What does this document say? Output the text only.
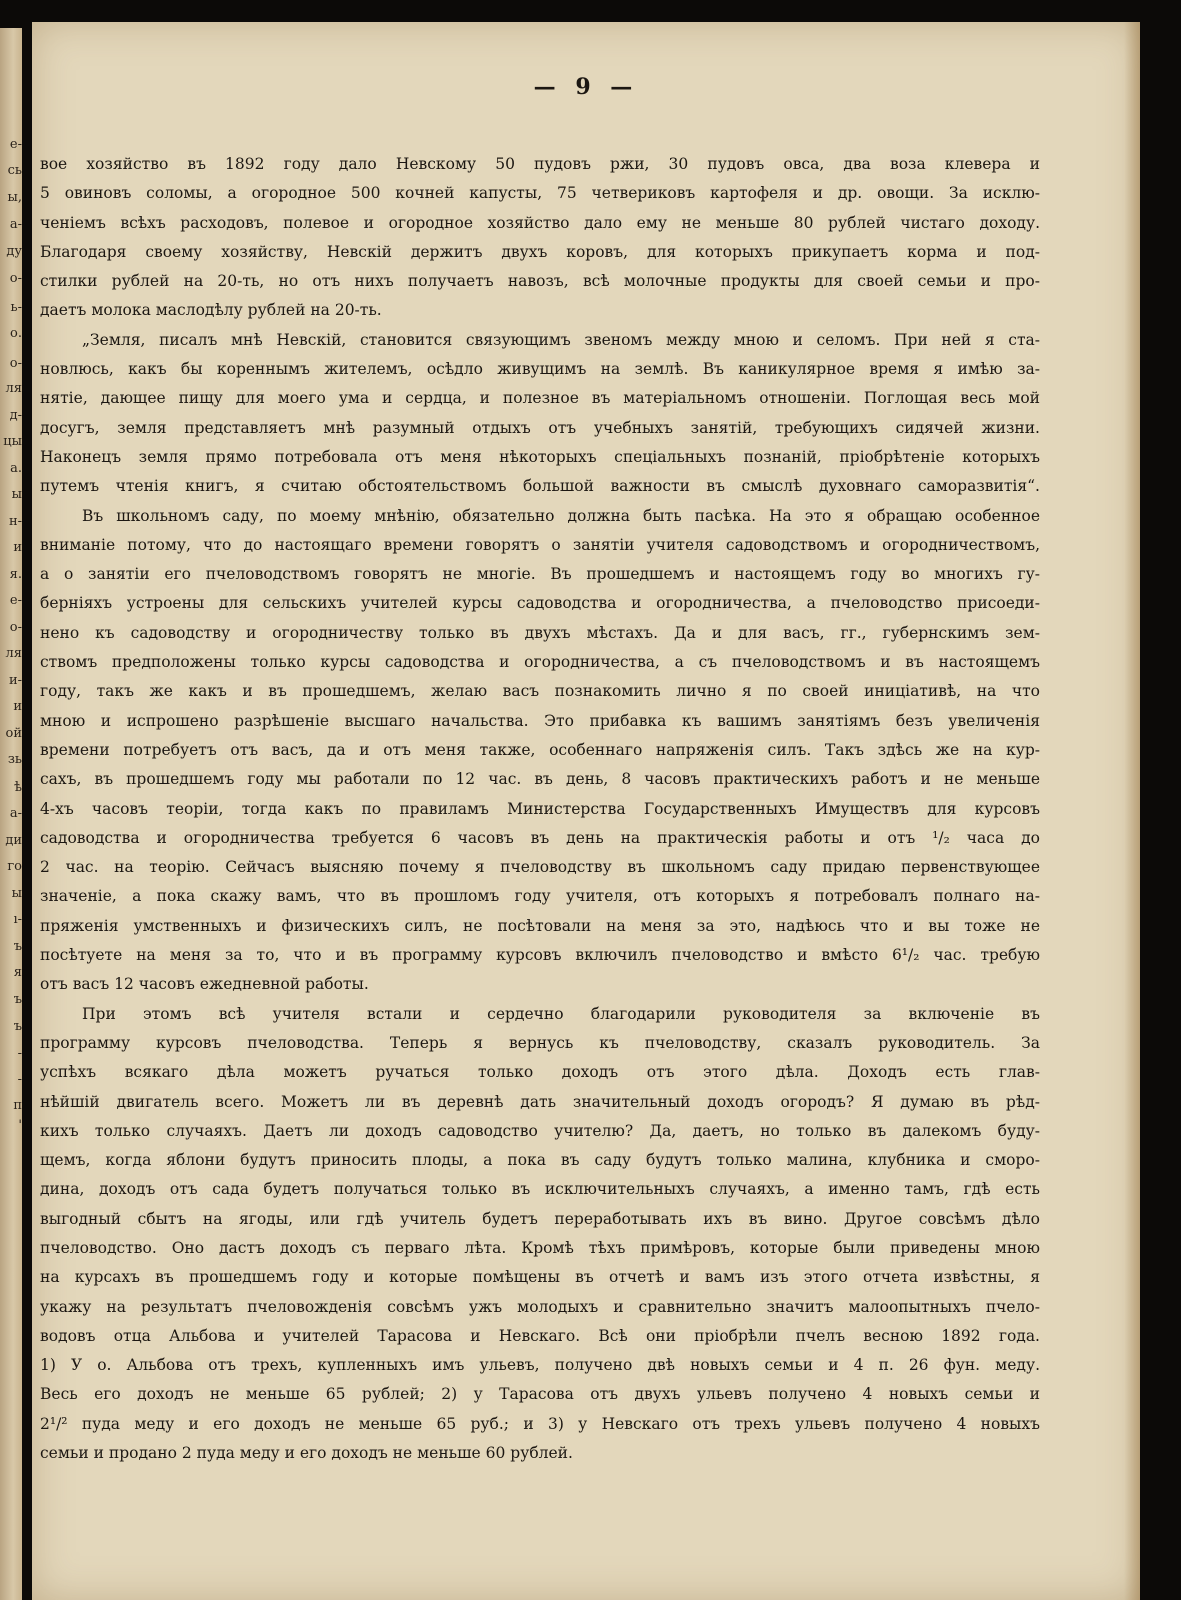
е-
сь
ы,
а-
ду
о-
ь-
о.
о-
ля
д-
цы
а.
ы
н-
и
я.
е-
о-
ля
и-
и
ой
зь
ѣ
а-
ди
го
ы
ı-
ъ
я
ъ
ъ
-
-
п
'
— 9 —
вое хозяйство въ 1892 году дало Невскому 50 пудовъ ржи, 30 пудовъ овса, два воза клевера и
5 овиновъ соломы, а огородное 500 кочней капусты, 75 четвериковъ картофеля и др. овощи. За исклю-
ченіемъ всѣхъ расходовъ, полевое и огородное хозяйство дало ему не меньше 80 рублей чистаго доходу.
Благодаря своему хозяйству, Невскій держитъ двухъ коровъ, для которыхъ прикупаетъ корма и под-
стилки рублей на 20-ть, но отъ нихъ получаетъ навозъ, всѣ молочные продукты для своей семьи и про-
даетъ молока маслодѣлу рублей на 20-ть.
„Земля, писалъ мнѣ Невскій, становится связующимъ звеномъ между мною и селомъ. При ней я ста-
новлюсь, какъ бы кореннымъ жителемъ, осѣдло живущимъ на землѣ. Въ каникулярное время я имѣю за-
нятіе, дающее пищу для моего ума и сердца, и полезное въ матеріальномъ отношеніи. Поглощая весь мой
досугъ, земля представляетъ мнѣ разумный отдыхъ отъ учебныхъ занятій, требующихъ сидячей жизни.
Наконецъ земля прямо потребовала отъ меня нѣкоторыхъ спеціальныхъ познаній, пріобрѣтеніе которыхъ
путемъ чтенія книгъ, я считаю обстоятельствомъ большой важности въ смыслѣ духовнаго саморазвитія“.
Въ школьномъ саду, по моему мнѣнію, обязательно должна быть пасѣка. На это я обращаю особенное
вниманіе потому, что до настоящаго времени говорятъ о занятіи учителя садоводствомъ и огородничествомъ,
а о занятіи его пчеловодствомъ говорятъ не многіе. Въ прошедшемъ и настоящемъ году во многихъ гу-
берніяхъ устроены для сельскихъ учителей курсы садоводства и огородничества, а пчеловодство присоеди-
нено къ садоводству и огородничеству только въ двухъ мѣстахъ. Да и для васъ, гг., губернскимъ зем-
ствомъ предположены только курсы садоводства и огородничества, а съ пчеловодствомъ и въ настоящемъ
году, такъ же какъ и въ прошедшемъ, желаю васъ познакомить лично я по своей иниціативѣ, на что
мною и испрошено разрѣшеніе высшаго начальства. Это прибавка къ вашимъ занятіямъ безъ увеличенія
времени потребуетъ отъ васъ, да и отъ меня также, особеннаго напряженія силъ. Такъ здѣсь же на кур-
сахъ, въ прошедшемъ году мы работали по 12 час. въ день, 8 часовъ практическихъ работъ и не меньше
4-хъ часовъ теоріи, тогда какъ по правиламъ Министерства Государственныхъ Имуществъ для курсовъ
садоводства и огородничества требуется 6 часовъ въ день на практическія работы и отъ ¹/₂ часа до
2 час. на теорію. Сейчасъ выясняю почему я пчеловодству въ школьномъ саду придаю первенствующее
значеніе, а пока скажу вамъ, что въ прошломъ году учителя, отъ которыхъ я потребовалъ полнаго на-
пряженія умственныхъ и физическихъ силъ, не посѣтовали на меня за это, надѣюсь что и вы тоже не
посѣтуете на меня за то, что и въ программу курсовъ включилъ пчеловодство и вмѣсто 6¹/₂ час. требую
отъ васъ 12 часовъ ежедневной работы.
При этомъ всѣ учителя встали и сердечно благодарили руководителя за включеніе въ
программу курсовъ пчеловодства. Теперь я вернусь къ пчеловодству, сказалъ руководитель. За
успѣхъ всякаго дѣла можетъ ручаться только доходъ отъ этого дѣла. Доходъ есть глав-
нѣйшій двигатель всего. Можетъ ли въ деревнѣ дать значительный доходъ огородъ? Я думаю въ рѣд-
кихъ только случаяхъ. Даетъ ли доходъ садоводство учителю? Да, даетъ, но только въ далекомъ буду-
щемъ, когда яблони будутъ приносить плоды, а пока въ саду будутъ только малина, клубника и сморо-
дина, доходъ отъ сада будетъ получаться только въ исключительныхъ случаяхъ, а именно тамъ, гдѣ есть
выгодный сбытъ на ягоды, или гдѣ учитель будетъ переработывать ихъ въ вино. Другое совсѣмъ дѣло
пчеловодство. Оно дастъ доходъ съ перваго лѣта. Кромѣ тѣхъ примѣровъ, которые были приведены мною
на курсахъ въ прошедшемъ году и которые помѣщены въ отчетѣ и вамъ изъ этого отчета извѣстны, я
укажу на результатъ пчеловожденія совсѣмъ ужъ молодыхъ и сравнительно значитъ малоопытныхъ пчело-
водовъ отца Альбова и учителей Тарасова и Невскаго. Всѣ они пріобрѣли пчелъ весною 1892 года.
1) У о. Альбова отъ трехъ, купленныхъ имъ ульевъ, получено двѣ новыхъ семьи и 4 п. 26 фун. меду.
Весь его доходъ не меньше 65 рублей; 2) у Тарасова отъ двухъ ульевъ получено 4 новыхъ семьи и
2¹/² пуда меду и его доходъ не меньше 65 руб.; и 3) у Невскаго отъ трехъ ульевъ получено 4 новыхъ
семьи и продано 2 пуда меду и его доходъ не меньше 60 рублей.
